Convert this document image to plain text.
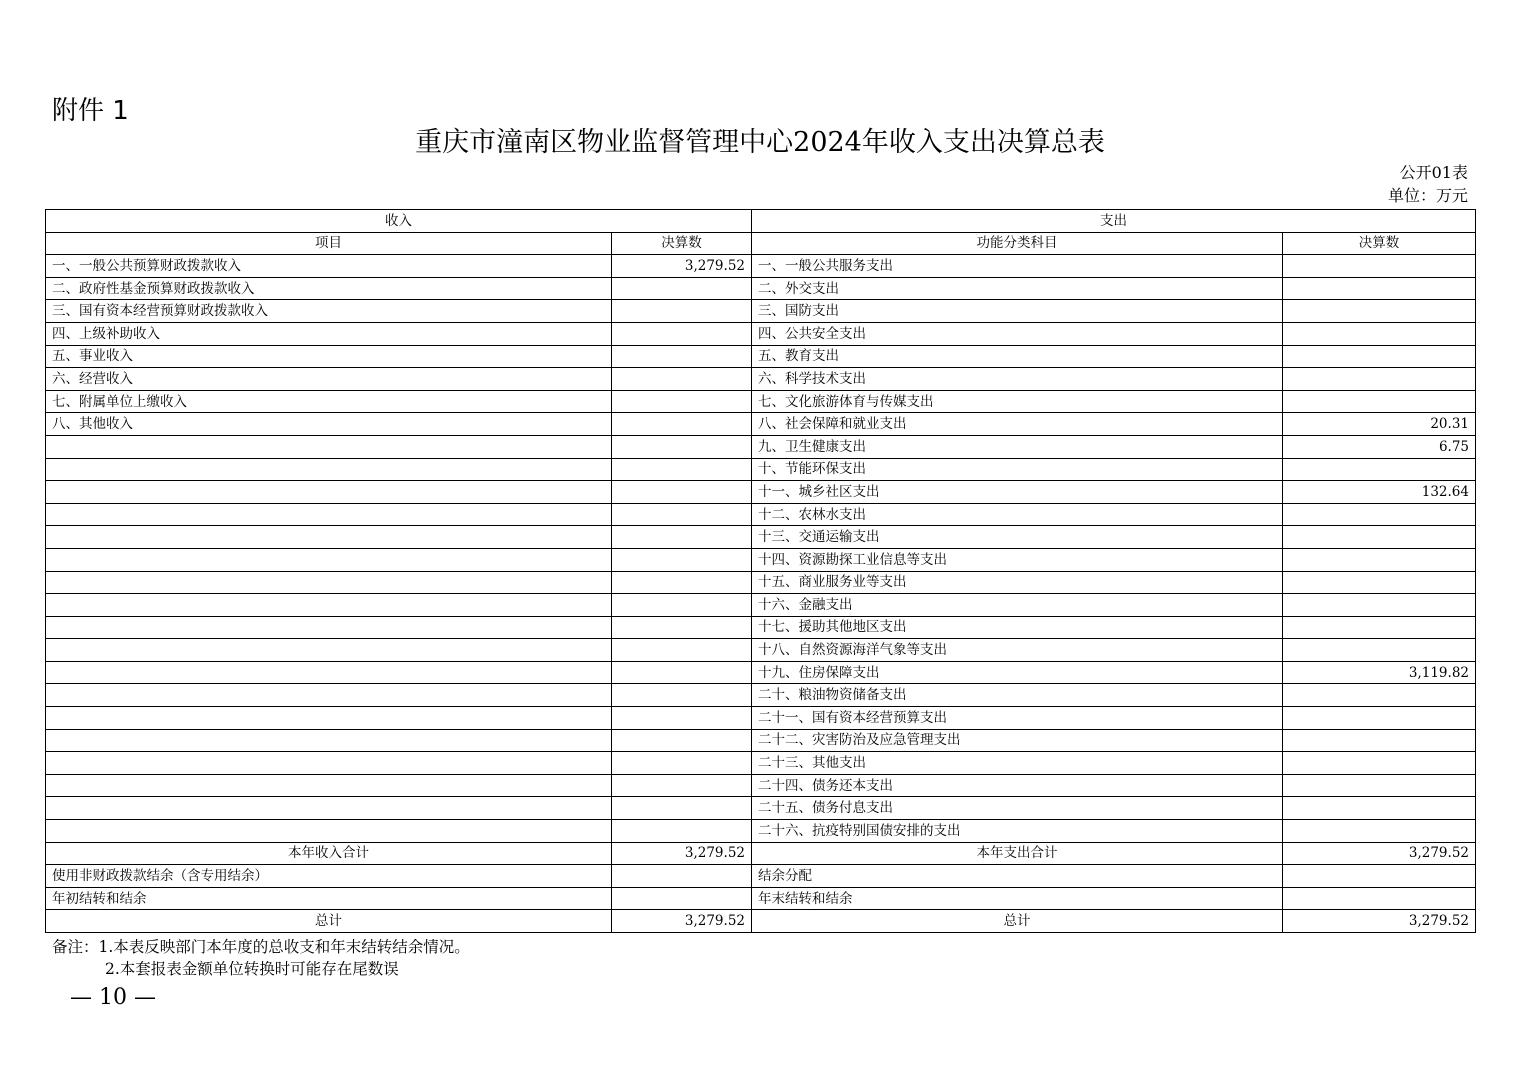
附件 1
重庆市潼南区物业监督管理中心2024年收入支出决算总表
公开01表
单位：万元
收入		支出	
项目	决算数	功能分类科目	决算数
一、一般公共预算财政拨款收入	3,279.52	一、一般公共服务支出	
二、政府性基金预算财政拨款收入		二、外交支出	
三、国有资本经营预算财政拨款收入		三、国防支出	
四、上级补助收入		四、公共安全支出	
五、事业收入		五、教育支出	
六、经营收入		六、科学技术支出	
七、附属单位上缴收入		七、文化旅游体育与传媒支出	
八、其他收入		八、社会保障和就业支出	20.31
		九、卫生健康支出	6.75
		十、节能环保支出	
		十一、城乡社区支出	132.64
		十二、农林水支出	
		十三、交通运输支出	
		十四、资源勘探工业信息等支出	
		十五、商业服务业等支出	
		十六、金融支出	
		十七、援助其他地区支出	
		十八、自然资源海洋气象等支出	
		十九、住房保障支出	3,119.82
		二十、粮油物资储备支出	
		二十一、国有资本经营预算支出	
		二十二、灾害防治及应急管理支出	
		二十三、其他支出	
		二十四、债务还本支出	
		二十五、债务付息支出	
		二十六、抗疫特别国债安排的支出	
本年收入合计	3,279.52	本年支出合计	3,279.52
使用非财政拨款结余（含专用结余）		结余分配	
年初结转和结余		年末结转和结余	
总计	3,279.52	总计	3,279.52
备注：1.本表反映部门本年度的总收支和年末结转结余情况。
2.本套报表金额单位转换时可能存在尾数误
— 10 —
